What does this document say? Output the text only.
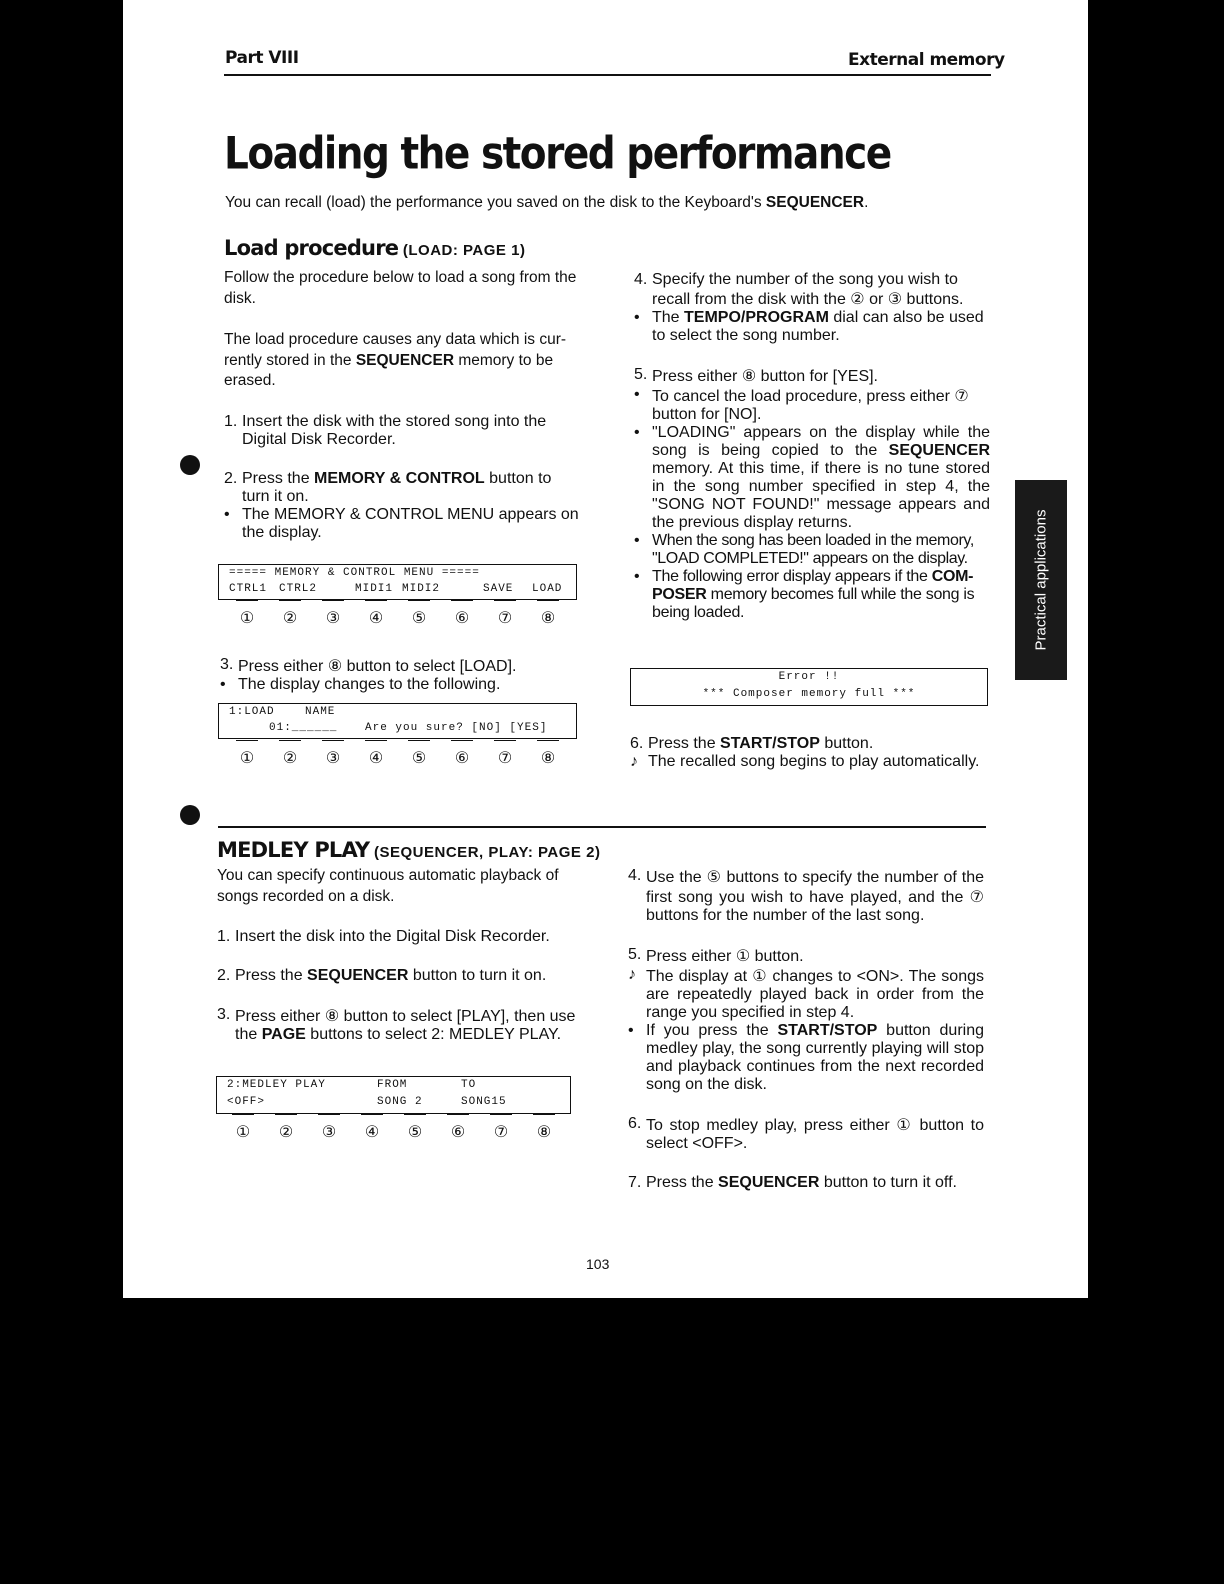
Part VIII	External memory
Loading the stored performance
You can recall (load) the performance you saved on the disk to the Keyboard's SEQUENCER.
Load procedure (LOAD: PAGE 1)

Follow the procedure below to load a song from the disk.

The load procedure causes any data which is cur-rently stored in the SEQUENCER memory to be erased.

1. Insert the disk with the stored song into the Digital Disk Recorder.
2. Press the MEMORY & CONTROL button to turn it on.
• The MEMORY & CONTROL MENU appears on the display.
===== MEMORY & CONTROL MENU =====
CTRL1 CTRL2	MIDI1 MIDI2	SAVE LOAD
①	②	③	④	⑤	⑥	⑦	⑧
3. Press either ⑧ button to select [LOAD].
• The display changes to the following.
1:LOAD	NAME
01:______	Are you sure? [NO] [YES]
①	②	③	④	⑤	⑥	⑦	⑧
4. Specify the number of the song you wish to recall from the disk with the ② or ③ buttons.
• The TEMPO/PROGRAM dial can also be used to select the song number.
5. Press either ⑧ button for [YES].
• To cancel the load procedure, press either ⑦ button for [NO].
• "LOADING" appears on the display while the song is being copied to the SEQUENCER memory. At this time, if there is no tune stored in the song number specified in step 4, the "SONG NOT FOUND!" message appears and the previous display returns.
• When the song has been loaded in the memory, "LOAD COMPLETED!" appears on the display.
• The following error display appears if the COM-POSER memory becomes full while the song is being loaded.
Error !!
*** Composer memory full ***
6. Press the START/STOP button.
♪ The recalled song begins to play automatically.
MEDLEY PLAY (SEQUENCER, PLAY: PAGE 2)

You can specify continuous automatic playback of songs recorded on a disk.

1. Insert the disk into the Digital Disk Recorder.
2. Press the SEQUENCER button to turn it on.
3. Press either ⑧ button to select [PLAY], then use the PAGE buttons to select 2: MEDLEY PLAY.
2:MEDLEY PLAY	FROM	TO
<OFF>	SONG 2	SONG15
①	②	③	④	⑤	⑥	⑦	⑧
4. Use the ⑤ buttons to specify the number of the first song you wish to have played, and the ⑦ buttons for the number of the last song.
5. Press either ① button.
♪ The display at ① changes to <ON>. The songs are repeatedly played back in order from the range you specified in step 4.
• If you press the START/STOP button during medley play, the song currently playing will stop and playback continues from the next recorded song on the disk.
6. To stop medley play, press either ① button to select <OFF>.
7. Press the SEQUENCER button to turn it off.
Practical applications
103
